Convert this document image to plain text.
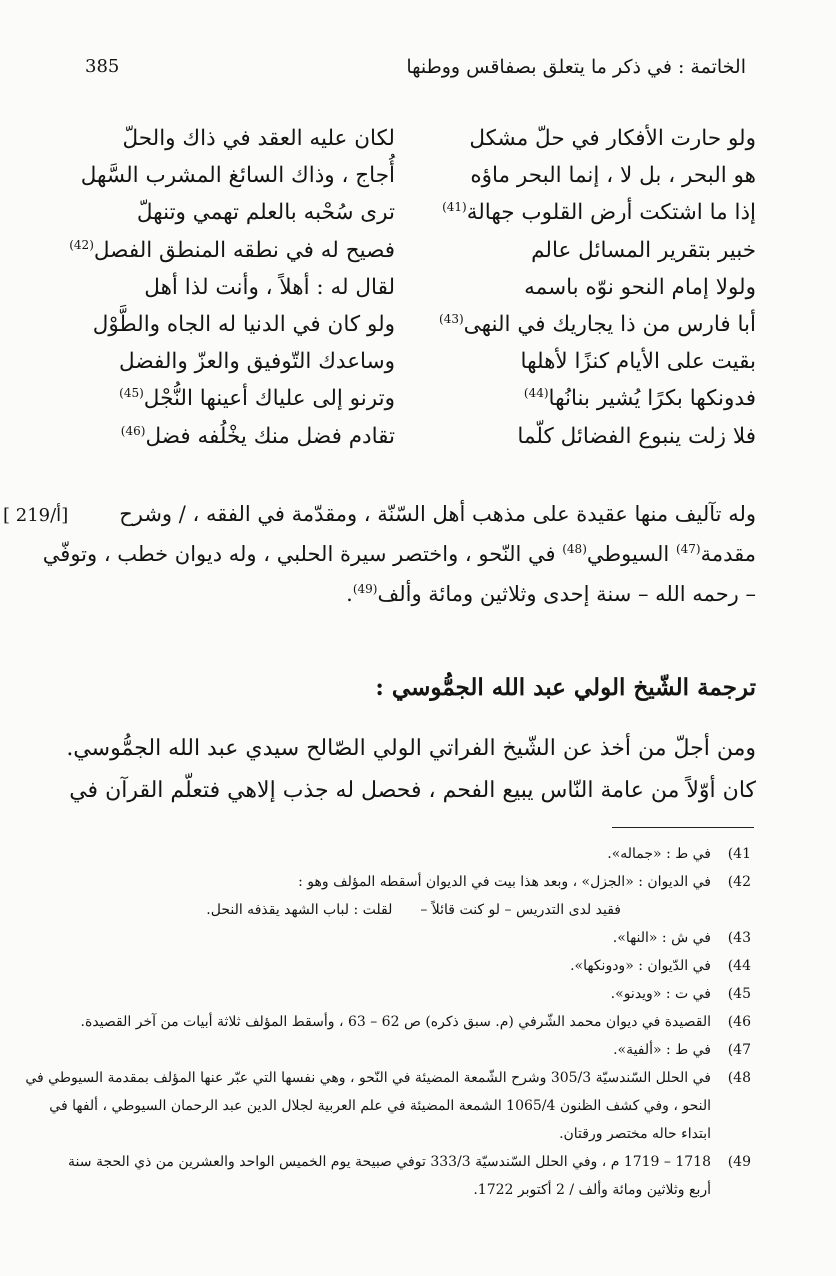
385	الخاتمة : في ذكر ما يتعلق بصفاقس ووطنها
ولو حارت الأفكار في حلّ مشكل
هو البحر ، بل لا ، إنما البحر ماؤه
إذا ما اشتكت أرض القلوب جهالة$^{(41)}$
خبير بتقرير المسائل عالم
ولولا إمام النحو نوّه باسمه
أبا فارس من ذا يجاريك في النهى$^{(43)}$
بقيت على الأيام كنزًا لأهلها
فدونكها بكرًا يُشير بنانُها$^{(44)}$
فلا زلت ينبوع الفضائل كلّما
لكان عليه العقد في ذاك والحلّ
أُجاج ، وذاك السائغ المشرب السَّهل
ترى سُحْبه بالعلم تهمي وتنهلّ
فصيح له في نطقه المنطق الفصل$^{(42)}$
لقال له : أهلاً ، وأنت لذا أهل
ولو كان في الدنيا له الجاه والطَّوْل
وساعدك التّوفيق والعزّ والفضل
وترنو إلى علياك أعينها النُّجْل$^{(45)}$
تقادم فضل منك يخْلُفه فضل$^{(46)}$
[ 219/أ]	وله تآليف منها عقيدة على مذهب أهل السّنّة ، ومقدّمة في الفقه ، / وشرح
مقدمة$^{(47)}$ السيوطي$^{(48)}$ في النّحو ، واختصر سيرة الحلبي ، وله ديوان خطب ، وتوفّي
– رحمه الله – سنة إحدى وثلاثين ومائة وألف$^{(49)}$.
ترجمة الشّيخ الولي عبد الله الجمُّوسي :
ومن أجلّ من أخذ عن الشّيخ الفراتي الولي الصّالح سيدي عبد الله الجمُّوسي.
كان أوّلاً من عامة النّاس يبيع الفحم ، فحصل له جذب إلاهي فتعلّم القرآن في
41)
في ط : «جماله».
42)
في الديوان : «الجزل» ، وبعد هذا بيت في الديوان أسقطه المؤلف وهو :
فقيد لدى التدريس – لو كنت قائلاً –لقلت : لباب الشهد يقذفه النحل.
43)
في ش : «النها».
44)
في الدّيوان : «ودونكها».
45)
في ت : «ويدنو».
46)
القصيدة في ديوان محمد الشّرفي (م. سبق ذكره) ص 62 – 63 ، وأسقط المؤلف ثلاثة أبيات من آخر القصيدة.
47)
في ط : «ألفية».
48)
في الحلل السّندسيّة 305/3 وشرح الشّمعة المضيئة في النّحو ، وهي نفسها التي عبّر عنها المؤلف بمقدمة السيوطي في
النحو ، وفي كشف الظنون 1065/4 الشمعة المضيئة في علم العربية لجلال الدين عبد الرحمان السيوطي ، ألفها في
ابتداء حاله مختصر ورقتان.
49)
1718 – 1719 م ، وفي الحلل السّندسيّة 333/3 توفي صبيحة يوم الخميس الواحد والعشرين من ذي الحجة سنة
أربع وثلاثين ومائة وألف / 2 أكتوبر 1722.
